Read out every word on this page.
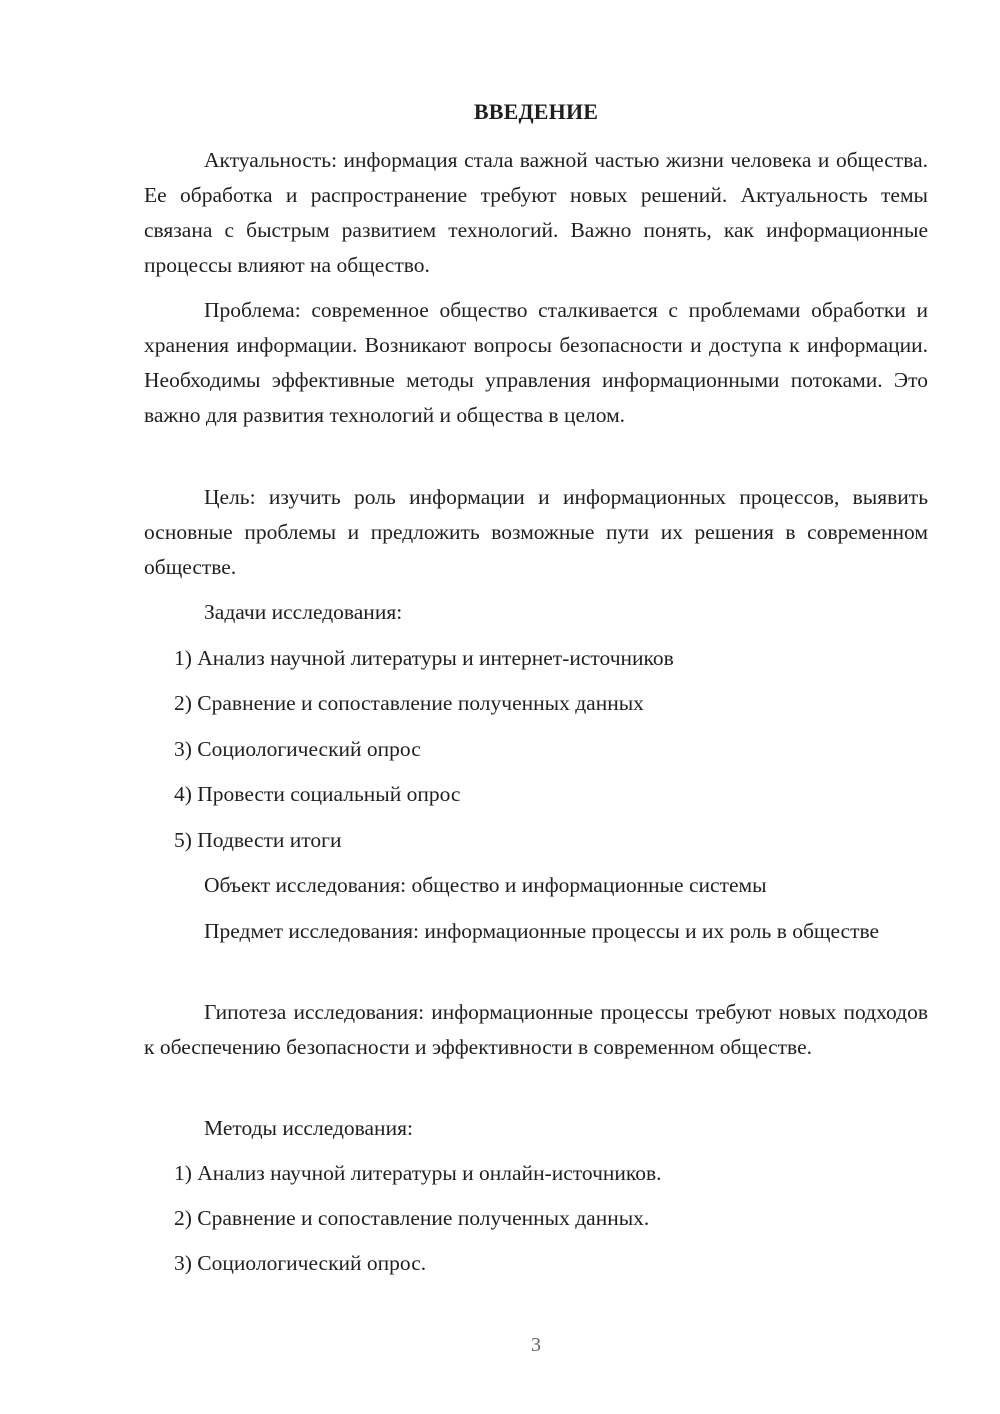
ВВЕДЕНИЕ

Актуальность: информация стала важной частью жизни человека и общества. Ее обработка и распространение требуют новых решений. Актуальность темы связана с быстрым развитием технологий. Важно понять, как информационные процессы влияют на общество.

Проблема: современное общество сталкивается с проблемами обработки и хранения информации. Возникают вопросы безопасности и доступа к информации. Необходимы эффективные методы управления информационными потоками. Это важно для развития технологий и общества в целом.

Цель: изучить роль информации и информационных процессов, выявить основные проблемы и предложить возможные пути их решения в современном обществе.

Задачи исследования:

1) Анализ научной литературы и интернет-источников

2) Сравнение и сопоставление полученных данных

3) Социологический опрос

4) Провести социальный опрос

5) Подвести итоги

Объект исследования: общество и информационные системы

Предмет исследования: информационные процессы и их роль в обществе

Гипотеза исследования: информационные процессы требуют новых подходов к обеспечению безопасности и эффективности в современном обществе.

Методы исследования:

1) Анализ научной литературы и онлайн-источников.

2) Сравнение и сопоставление полученных данных.

3) Социологический опрос.

3
